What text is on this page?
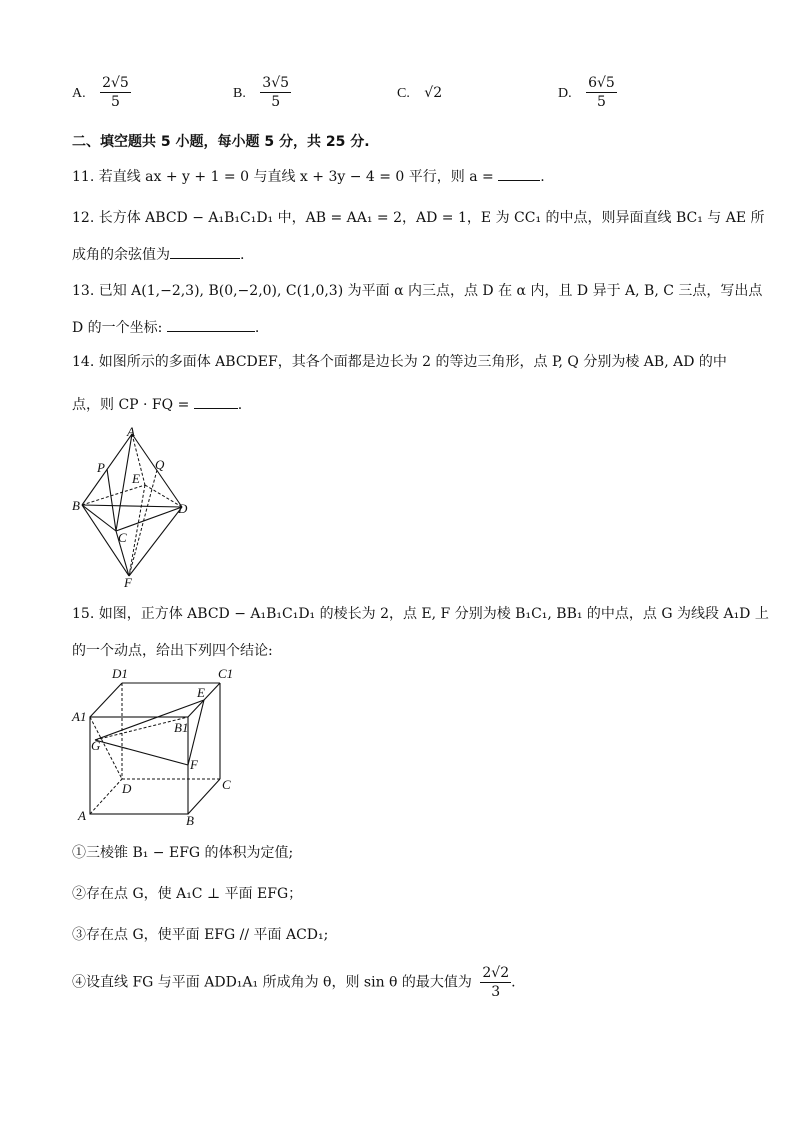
A. $\frac{2√5}{5}$	B. $\frac{3√5}{5}$	C. √2	D. $\frac{6√5}{5}$
二、填空题共 5 小题，每小题 5 分，共 25 分.
11. 若直线 ax + y + 1 = 0 与直线 x + 3y − 4 = 0 平行，则 a =	.
12. 长方体 ABCD − A₁B₁C₁D₁ 中，AB = AA₁ = 2，AD = 1，E 为 CC₁ 的中点，则异面直线 BC₁ 与 AE 所
成角的余弦值为	.
13. 已知 A(1,−2,3), B(0,−2,0), C(1,0,3) 为平面 α 内三点，点 D 在 α 内，且 D 异于 A, B, C 三点，写出点
D 的一个坐标:	.
14. 如图所示的多面体 ABCDEF，其各个面都是边长为 2 的等边三角形，点 P, Q 分别为棱 AB, AD 的中
点，则 CP · FQ =	.
A
P	Q
E
B	D
C
F
15. 如图，正方体 ABCD − A₁B₁C₁D₁ 的棱长为 2，点 E, F 分别为棱 B₁C₁, BB₁ 的中点，点 G 为线段 A₁D 上
的一个动点，给出下列四个结论:
D1	C1
E
A1
B1
G
F
D	C
A	B
①三棱锥 B₁ − EFG 的体积为定值;
②存在点 G，使 A₁C ⊥ 平面 EFG；
③存在点 G，使平面 EFG // 平面 ACD₁;
④设直线 FG 与平面 ADD₁A₁ 所成角为 θ，则 sin θ 的最大值为 $\frac{2√2}{3}$ .
